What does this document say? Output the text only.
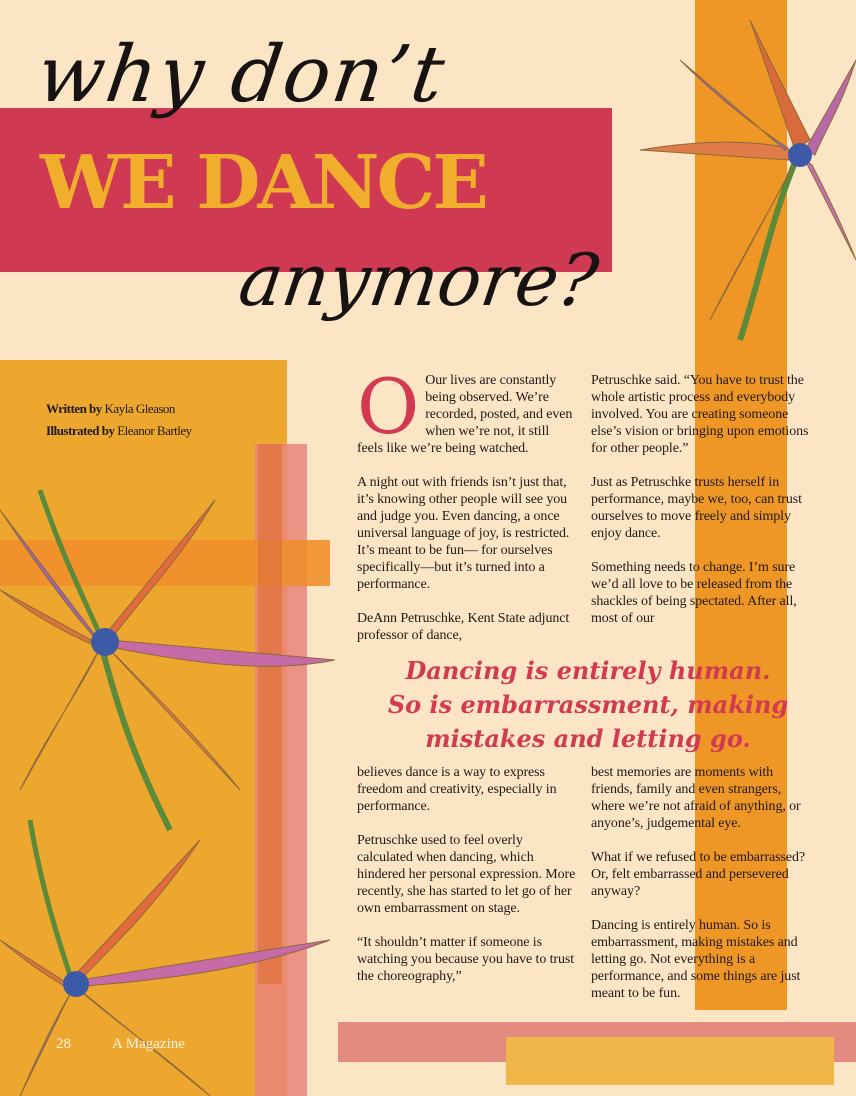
why don’t
WE DANCE
anymore?
Written by Kayla Gleason
Illustrated by Eleanor Bartley O Our lives are constantly being observed. We’re recorded, posted, and even when we’re not, it still feels like we’re being watched.

A night out with friends isn’t just that, it’s knowing other people will see you and judge you. Even dancing, a once universal language of joy, is restricted. It’s meant to be fun— for ourselves specifically—but it’s turned into a performance.

DeAnn Petruschke, Kent State adjunct professor of dance,

Petruschke said. “You have to trust the whole artistic process and everybody involved. You are creating someone else’s vision or bringing upon emotions for other people.”

Just as Petruschke trusts herself in performance, maybe we, too, can trust ourselves to move freely and simply enjoy dance.

Something needs to change. I’m sure we’d all love to be released from the shackles of being spectated. After all, most of our

Dancing is entirely human.
So is embarrassment, making
mistakes and letting go.

believes dance is a way to express freedom and creativity, especially in performance.

Petruschke used to feel overly calculated when dancing, which hindered her personal expression. More recently, she has started to let go of her own embarrassment on stage.

“It shouldn’t matter if someone is watching you because you have to trust the choreography,”

best memories are moments with friends, family and even strangers, where we’re not afraid of anything, or anyone’s, judgemental eye.

What if we refused to be embarrassed? Or, felt embarrassed and persevered anyway?

Dancing is entirely human. So is embarrassment, making mistakes and letting go. Not everything is a performance, and some things are just meant to be fun.

28	A Magazine
